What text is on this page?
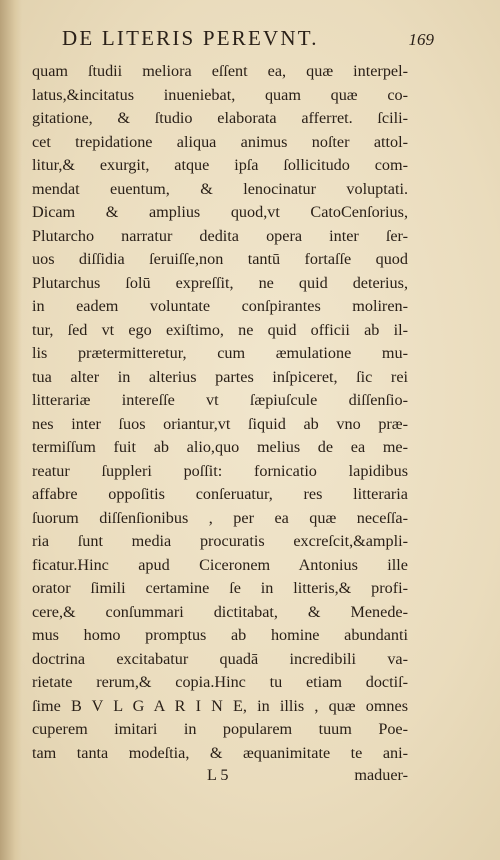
DE LITERIS PEREVNT.	169
quam ſtudii meliora eſſent ea, quæ interpel-
latus,&incitatus inueniebat, quam quæ co-
gitatione, & ſtudio elaborata afferret. ſcili-
cet trepidatione aliqua animus noſter attol-
litur,& exurgit, atque ipſa ſollicitudo com-
mendat euentum, & lenocinatur voluptati.
Dicam & amplius quod,vt CatoCenſorius,
Plutarcho narratur dedita opera inter ſer-
uos diſſidia ſeruiſſe,non tantū fortaſſe quod
Plutarchus ſolū expreſſit, ne quid deterius,
in eadem voluntate conſpirantes moliren-
tur, ſed vt ego exiſtimo, ne quid officii ab il-
lis prætermitteretur, cum æmulatione mu-
tua alter in alterius partes inſpiceret, ſic rei
litterariæ intereſſe vt ſæpiuſcule diſſenſio-
nes inter ſuos oriantur,vt ſiquid ab vno præ-
termiſſum fuit ab alio,quo melius de ea me-
reatur ſuppleri poſſit: fornicatio lapidibus
affabre oppoſitis conſeruatur, res litteraria
ſuorum diſſenſionibus , per ea quæ neceſſa-
ria ſunt media procuratis excreſcit,&ampli-
ficatur.Hinc apud Ciceronem Antonius ille
orator ſimili certamine ſe in litteris,& profi-
cere,& conſummari dictitabat, & Menede-
mus homo promptus ab homine abundanti
doctrina excitabatur quadā incredibili va-
rietate rerum,& copia.Hinc tu etiam doctiſ-
ſime B V L G A R I N E, in illis , quæ omnes
cuperem imitari in popularem tuum Poe-
tam tanta modeſtia, & æquanimitate te ani-
L 5	maduer-
